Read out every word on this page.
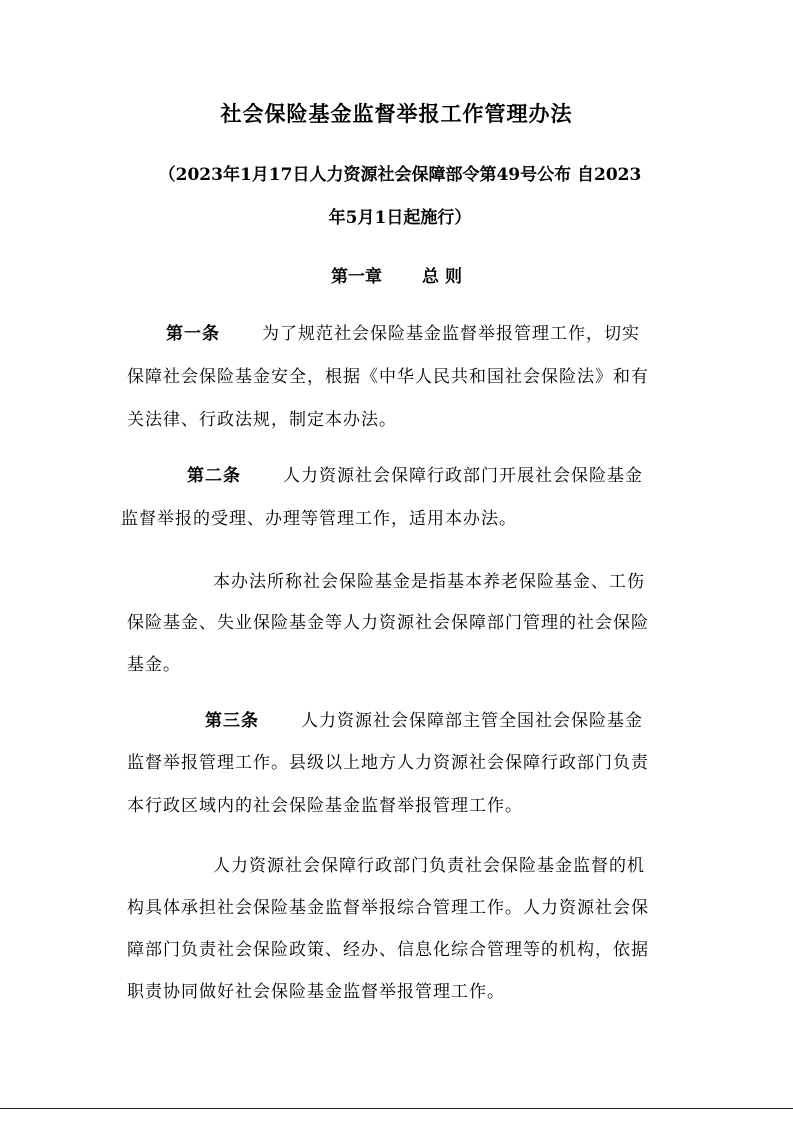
社会保险基金监督举报工作管理办法
（2023年1月17日人力资源社会保障部令第49号公布 自2023
年5月1日起施行）
第一章 总 则
第一条 为了规范社会保险基金监督举报管理工作，切实
保障社会保险基金安全，根据《中华人民共和国社会保险法》和有
关法律、行政法规，制定本办法。
第二条 人力资源社会保障行政部门开展社会保险基金
监督举报的受理、办理等管理工作，适用本办法。
本办法所称社会保险基金是指基本养老保险基金、工伤
保险基金、失业保险基金等人力资源社会保障部门管理的社会保险
基金。
第三条 人力资源社会保障部主管全国社会保险基金
监督举报管理工作。县级以上地方人力资源社会保障行政部门负责
本行政区域内的社会保险基金监督举报管理工作。
人力资源社会保障行政部门负责社会保险基金监督的机
构具体承担社会保险基金监督举报综合管理工作。人力资源社会保
障部门负责社会保险政策、经办、信息化综合管理等的机构，依据
职责协同做好社会保险基金监督举报管理工作。
